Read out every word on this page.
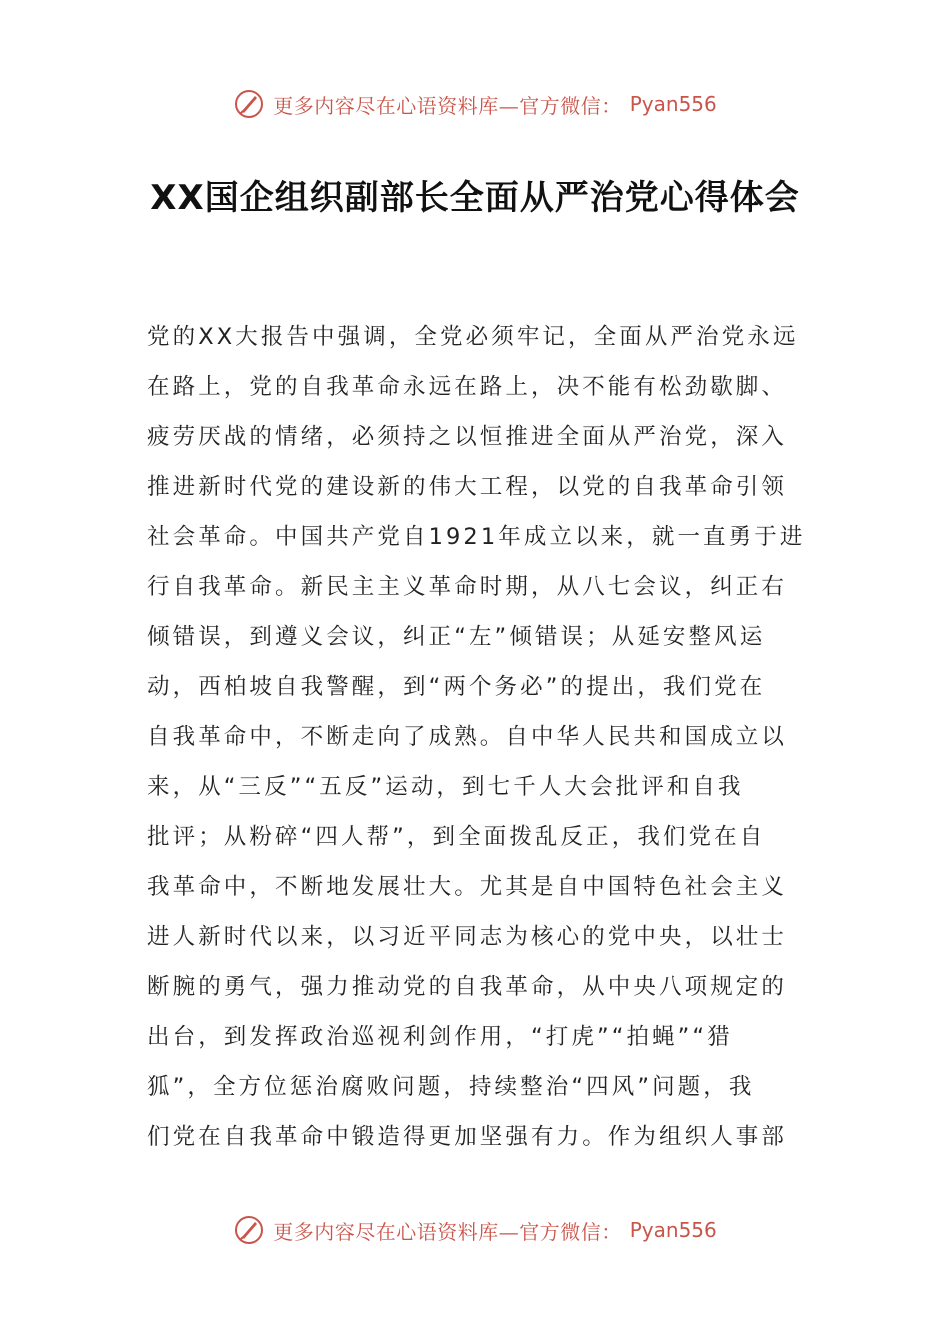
更多内容尽在心语资料库—官方微信： Pyan556
XX国企组织副部长全面从严治党心得体会
党的XX大报告中强调，全党必须牢记，全面从严治党永远
在路上，党的自我革命永远在路上，决不能有松劲歇脚、
疲劳厌战的情绪，必须持之以恒推进全面从严治党，深入
推进新时代党的建设新的伟大工程，以党的自我革命引领
社会革命。中国共产党自1921年成立以来，就一直勇于进
行自我革命。新民主主义革命时期，从八七会议，纠正右
倾错误，到遵义会议，纠正“左”倾错误；从延安整风运
动，西柏坡自我警醒，到“两个务必”的提出，我们党在
自我革命中，不断走向了成熟。自中华人民共和国成立以
来，从“三反”“五反”运动，到七千人大会批评和自我
批评；从粉碎“四人帮”，到全面拨乱反正，我们党在自
我革命中，不断地发展壮大。尤其是自中国特色社会主义
进人新时代以来，以习近平同志为核心的党中央，以壮士
断腕的勇气，强力推动党的自我革命，从中央八项规定的
出台，到发挥政治巡视利剑作用，“打虎”“拍蝇”“猎
狐”，全方位惩治腐败问题，持续整治“四风”问题，我
们党在自我革命中锻造得更加坚强有力。作为组织人事部
更多内容尽在心语资料库—官方微信： Pyan556
